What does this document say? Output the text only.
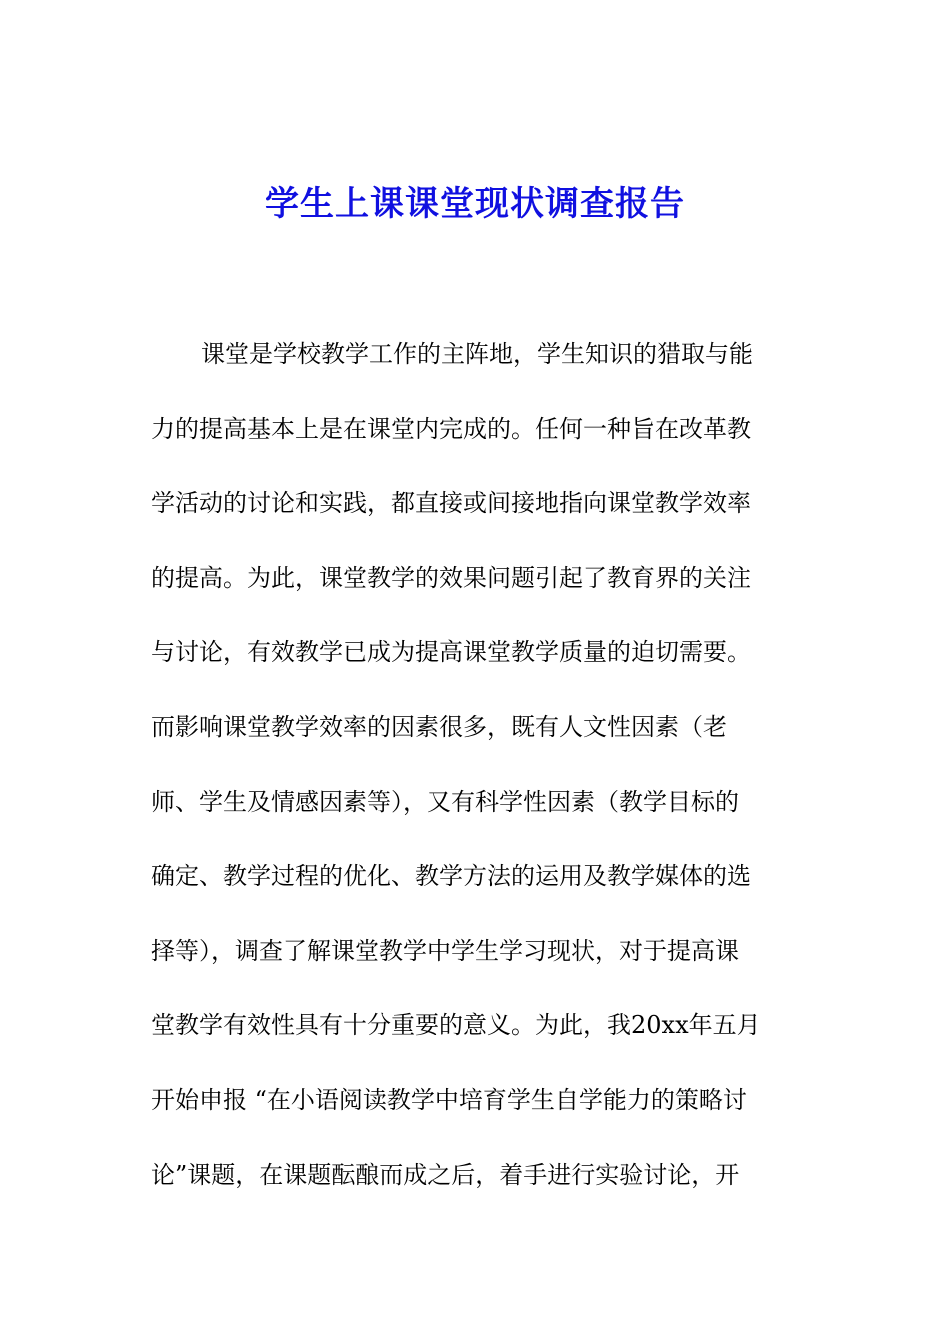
学生上课课堂现状调查报告
课堂是学校教学工作的主阵地，学生知识的猎取与能
力的提高基本上是在课堂内完成的。任何一种旨在改革教
学活动的讨论和实践，都直接或间接地指向课堂教学效率
的提高。为此，课堂教学的效果问题引起了教育界的关注
与讨论，有效教学已成为提高课堂教学质量的迫切需要。
而影响课堂教学效率的因素很多，既有人文性因素（老
师、学生及情感因素等），又有科学性因素（教学目标的
确定、教学过程的优化、教学方法的运用及教学媒体的选
择等），调查了解课堂教学中学生学习现状，对于提高课
堂教学有效性具有十分重要的意义。为此，我20xx年五月
开始申报 “在小语阅读教学中培育学生自学能力的策略讨
论”课题，在课题酝酿而成之后，着手进行实验讨论，开
